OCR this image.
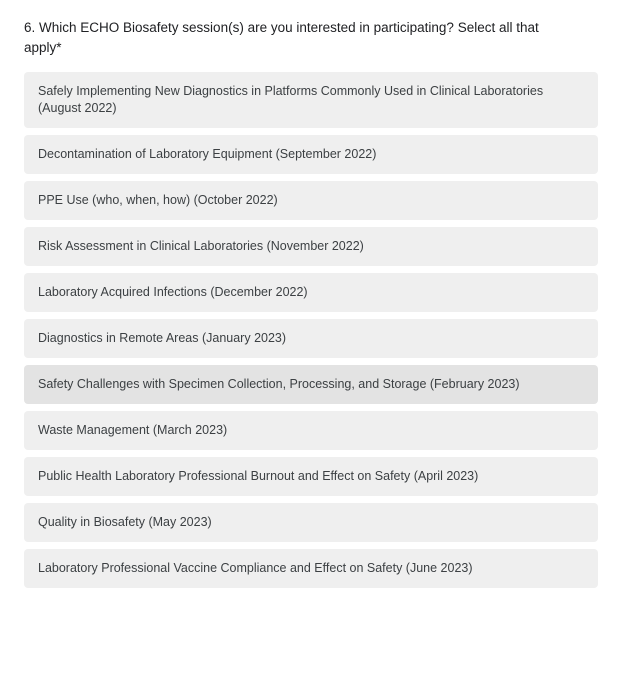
6. Which ECHO Biosafety session(s) are you interested in participating? Select all that apply*
Safely Implementing New Diagnostics in Platforms Commonly Used in Clinical Laboratories (August 2022)
Decontamination of Laboratory Equipment (September 2022)
PPE Use (who, when, how) (October 2022)
Risk Assessment in Clinical Laboratories (November 2022)
Laboratory Acquired Infections (December 2022)
Diagnostics in Remote Areas (January 2023)
Safety Challenges with Specimen Collection, Processing, and Storage (February 2023)
Waste Management (March 2023)
Public Health Laboratory Professional Burnout and Effect on Safety (April 2023)
Quality in Biosafety (May 2023)
Laboratory Professional Vaccine Compliance and Effect on Safety (June 2023)
